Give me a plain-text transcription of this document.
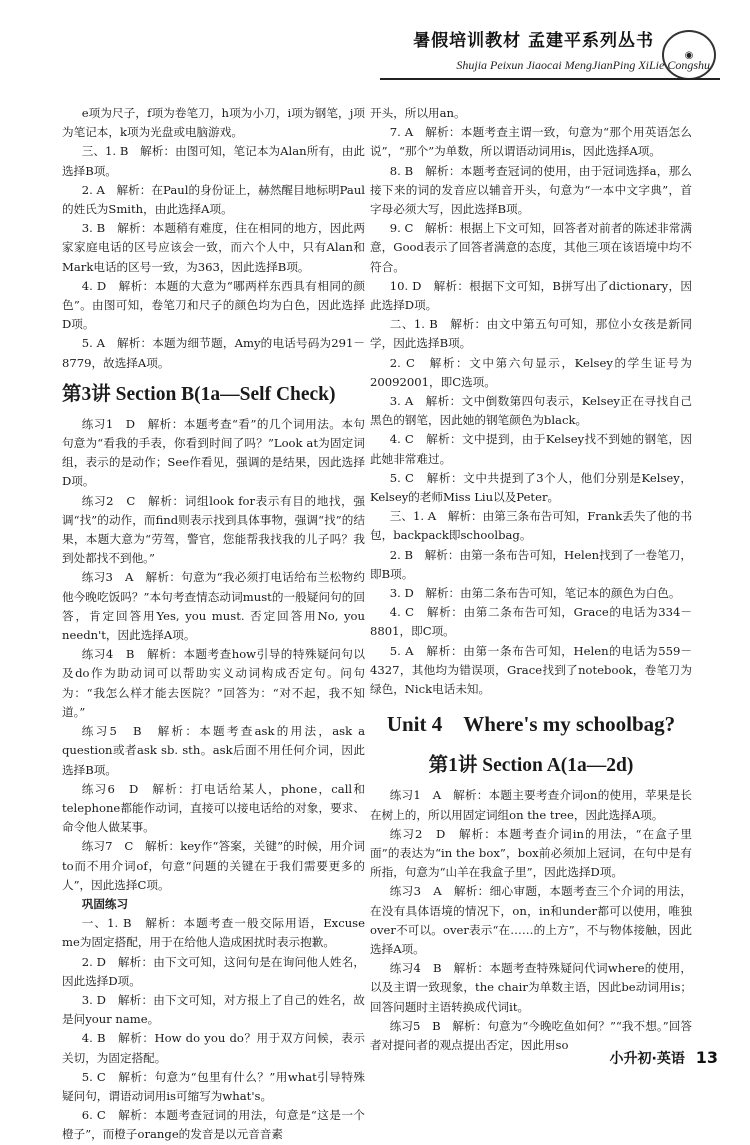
暑假培训教材 孟建平系列丛书
◉
Shujia Peixun Jiaocai MengJianPing XiLie Congshu
e项为尺子，f项为卷笔刀，h项为小刀，i项为钢笔，j项为笔记本，k项为光盘或电脑游戏。
三、1. B　解析：由图可知，笔记本为Alan所有，由此选择B项。
2. A　解析：在Paul的身份证上，赫然醒目地标明Paul的姓氏为Smith，由此选择A项。
3. B　解析：本题稍有难度，住在相同的地方，因此两家家庭电话的区号应该会一致，而六个人中，只有Alan和Mark电话的区号一致，为363，因此选择B项。
4. D　解析：本题的大意为“哪两样东西具有相同的颜色”。由图可知，卷笔刀和尺子的颜色均为白色，因此选择D项。
5. A　解析：本题为细节题，Amy的电话号码为291－8779，故选择A项。
第3讲 Section B(1a—Self Check)
练习1　D　解析：本题考查“看”的几个词用法。本句句意为“看我的手表，你看到时间了吗？”Look at为固定词组，表示的是动作；See作看见，强调的是结果，因此选择D项。
练习2　C　解析：词组look for表示有目的地找，强调“找”的动作，而find则表示找到具体事物，强调“找”的结果，本题大意为“劳驾，警官，您能帮我找我的儿子吗？我到处都找不到他。”
练习3　A　解析：句意为“我必须打电话给布兰松物约他今晚吃饭吗？”本句考查情态动词must的一般疑问句的回答，肯定回答用Yes, you must. 否定回答用No, you needn't，因此选择A项。
练习4　B　解析：本题考查how引导的特殊疑问句以及do作为助动词可以帮助实义动词构成否定句。问句为：“我怎么样才能去医院？”回答为：“对不起，我不知道。”
练习5　B　解析：本题考查ask的用法，ask a question或者ask sb. sth。ask后面不用任何介词，因此选择B项。
练习6　D　解析：打电话给某人，phone，call和telephone都能作动词，直接可以接电话给的对象，要求、命令他人做某事。
练习7　C　解析：key作“答案，关键”的时候，用介词to而不用介词of，句意“问题的关键在于我们需要更多的人”，因此选择C项。
巩固练习
一、1. B　解析：本题考查一般交际用语，Excuse me为固定搭配，用于在给他人造成困扰时表示抱歉。
2. D　解析：由下文可知，这问句是在询问他人姓名，因此选择D项。
3. D　解析：由下文可知，对方报上了自己的姓名，故是问your name。
4. B　解析：How do you do？用于双方问候，表示关切，为固定搭配。
5. C　解析：句意为“包里有什么？”用what引导特殊疑问句，谓语动词用is可缩写为what's。
6. C　解析：本题考查冠词的用法，句意是“这是一个橙子”，而橙子orange的发音是以元音音素
开头，所以用an。
7. A　解析：本题考查主谓一致，句意为“那个用英语怎么说”，“那个”为单数，所以谓语动词用is，因此选择A项。
8. B　解析：本题考查冠词的使用，由于冠词选择a，那么接下来的词的发音应以辅音开头，句意为“一本中文字典”，首字母必须大写，因此选择B项。
9. C　解析：根据上下文可知，回答者对前者的陈述非常满意，Good表示了回答者满意的态度，其他三项在该语境中均不符合。
10. D　解析：根据下文可知，B拼写出了dictionary，因此选择D项。
二、1. B　解析：由文中第五句可知，那位小女孩是新同学，因此选择B项。
2. C　解析：文中第六句显示，Kelsey的学生证号为20092001，即C选项。
3. A　解析：文中倒数第四句表示，Kelsey正在寻找自己黑色的钢笔，因此她的钢笔颜色为black。
4. C　解析：文中提到，由于Kelsey找不到她的钢笔，因此她非常难过。
5. C　解析：文中共提到了3个人，他们分别是Kelsey，Kelsey的老师Miss Liu以及Peter。
三、1. A　解析：由第三条布告可知，Frank丢失了他的书包，backpack即schoolbag。
2. B　解析：由第一条布告可知，Helen找到了一卷笔刀，即B项。
3. D　解析：由第二条布告可知，笔记本的颜色为白色。
4. C　解析：由第二条布告可知，Grace的电话为334－8801，即C项。
5. A　解析：由第一条布告可知，Helen的电话为559－4327，其他均为错误项，Grace找到了notebook，卷笔刀为绿色，Nick电话未知。
Unit 4　Where's my schoolbag?
第1讲 Section A(1a—2d)
练习1　A　解析：本题主要考查介词on的使用，苹果是长在树上的，所以用固定词组on the tree，因此选择A项。
练习2　D　解析：本题考查介词in的用法，“在盒子里面”的表达为“in the box”，box前必须加上冠词，在句中是有所指，句意为“山羊在我盒子里”，因此选择D项。
练习3　A　解析：细心审题，本题考查三个介词的用法，在没有具体语境的情况下，on，in和under都可以使用，唯独over不可以。over表示“在……的上方”，不与物体接触，因此选择A项。
练习4　B　解析：本题考查特殊疑问代词where的使用，以及主谓一致现象，the chair为单数主语，因此be动词用is；回答问题时主语转换成代词it。
练习5　B　解析：句意为“今晚吃鱼如何？”“我不想。”回答者对提问者的观点提出否定，因此用so
小升初·英语 13
